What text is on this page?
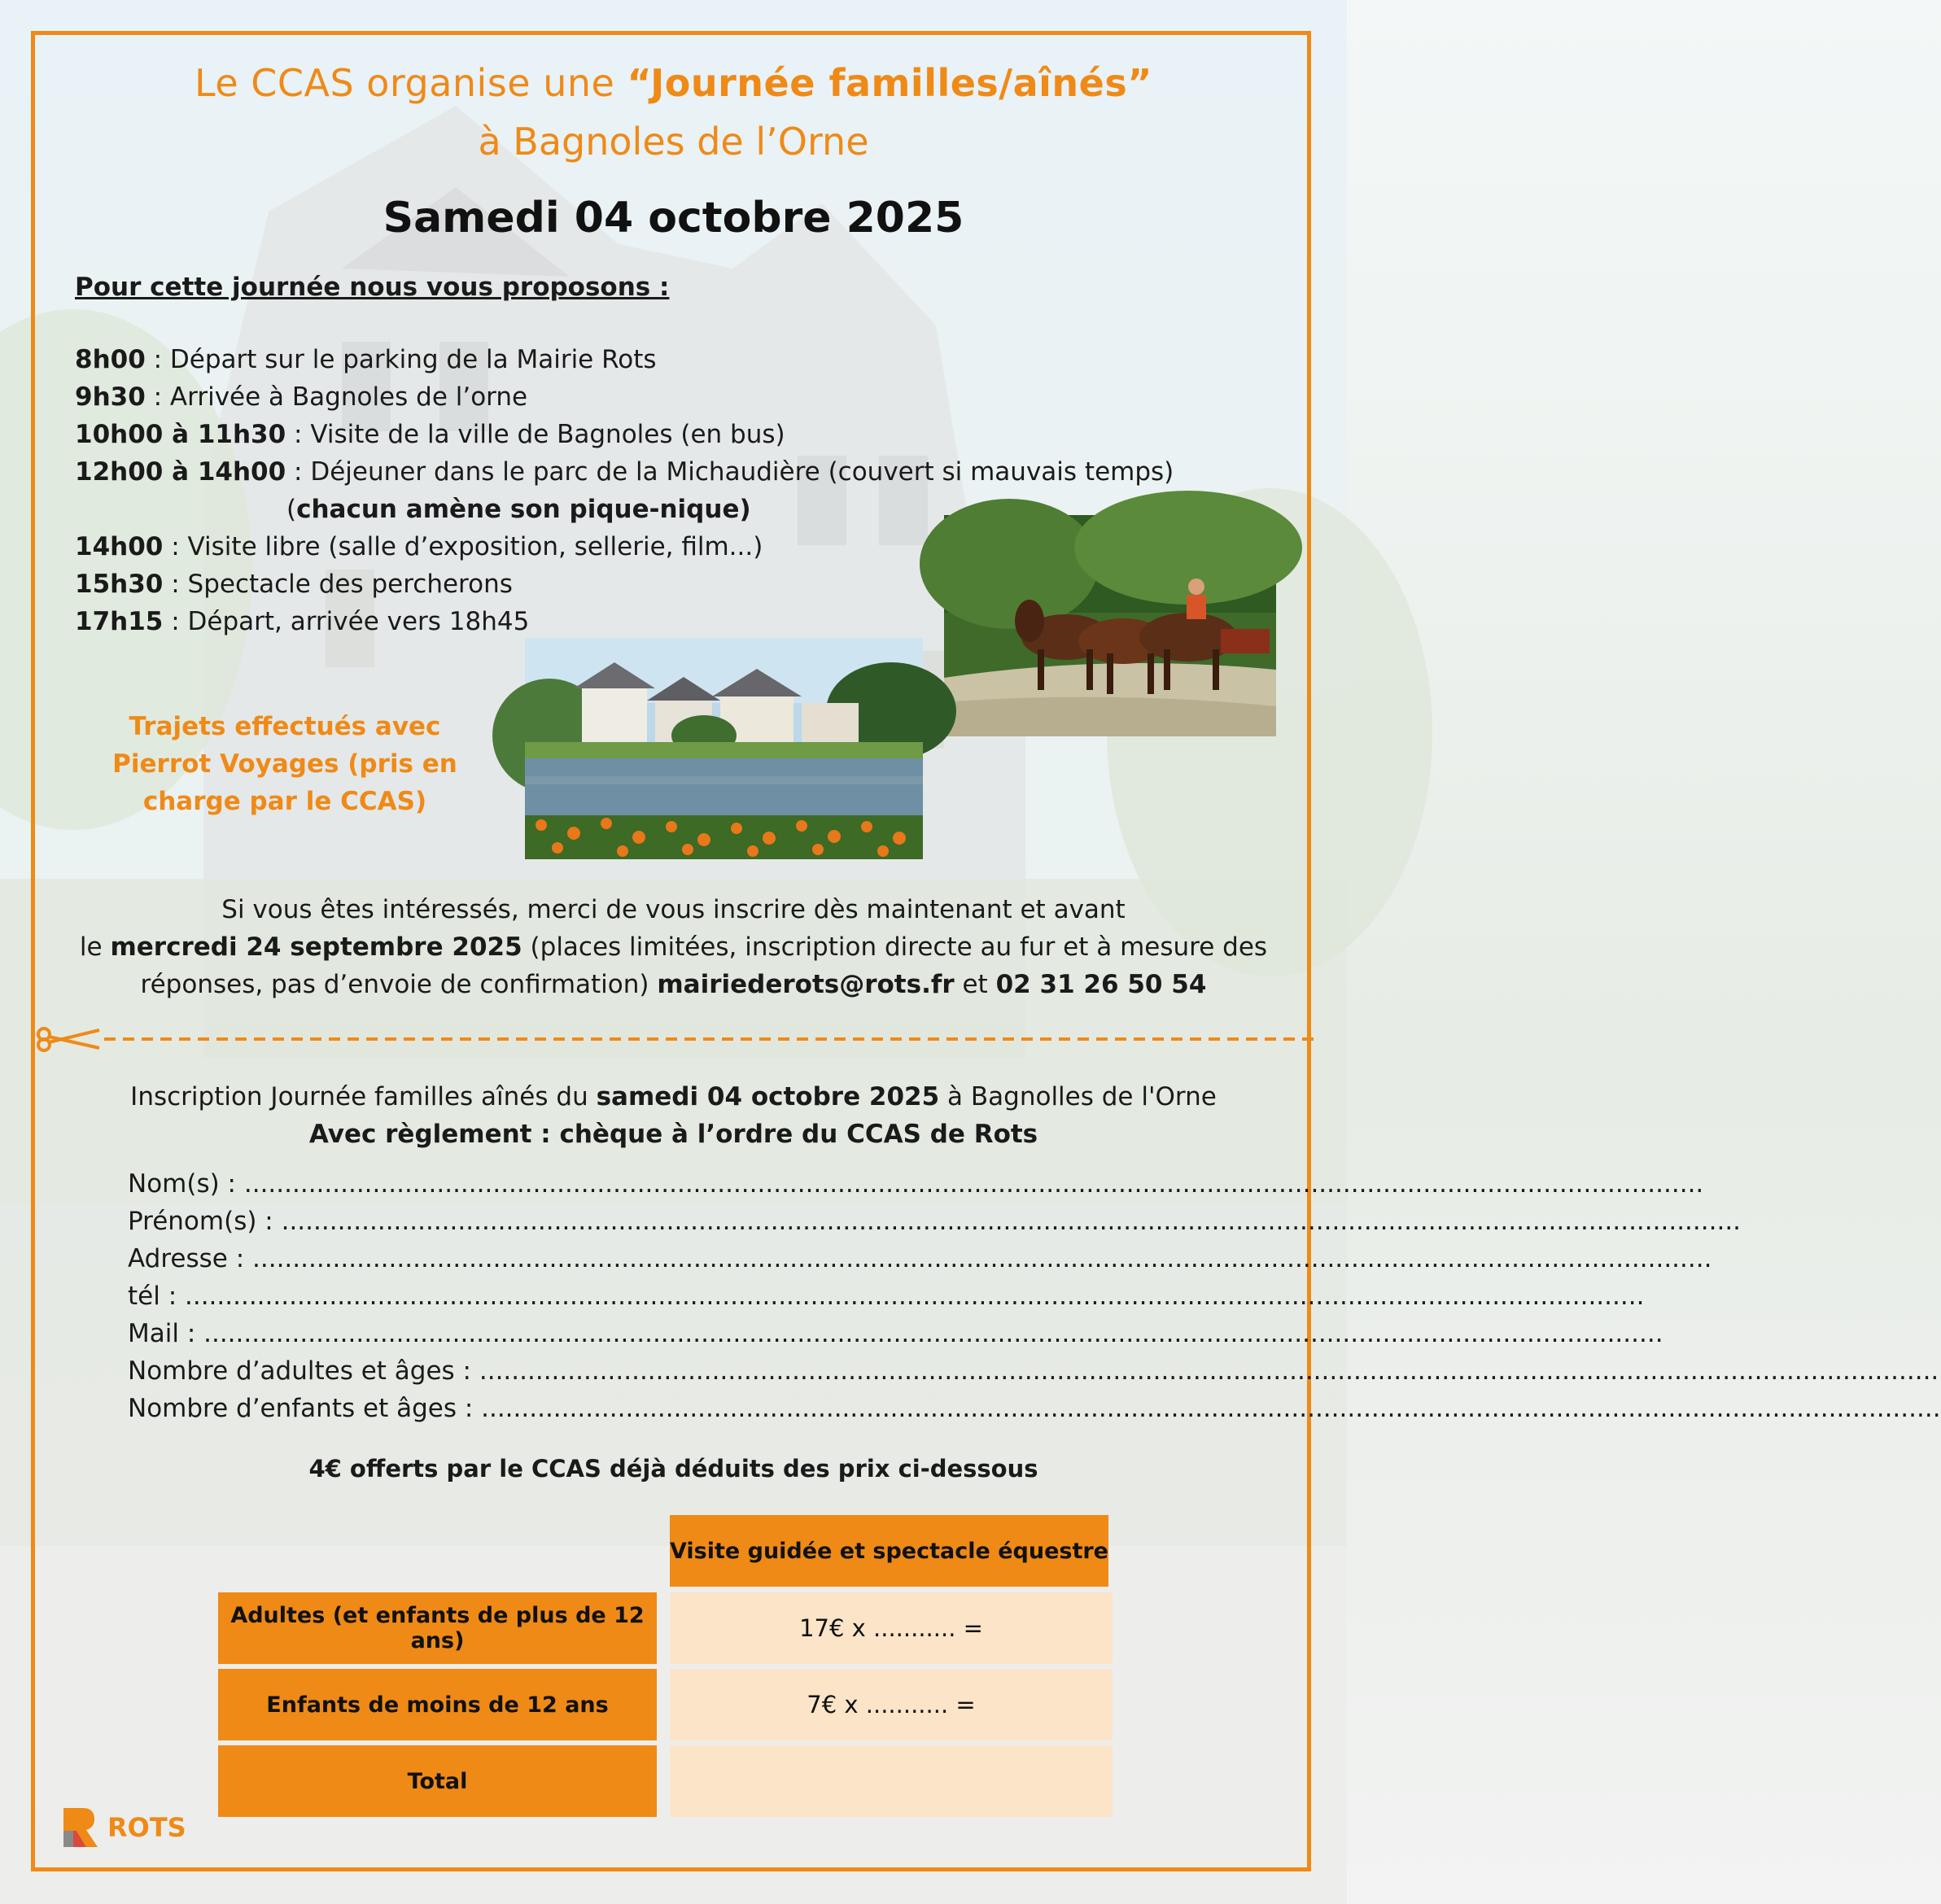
Le CCAS organise une “Journée familles/aînés”
à Bagnoles de l’Orne
Samedi 04 octobre 2025
Pour cette journée nous vous proposons :
8h00 : Départ sur le parking de la Mairie Rots
9h30 : Arrivée à Bagnoles de l’orne
10h00 à 11h30 : Visite de la ville de Bagnoles (en bus)
12h00 à 14h00 : Déjeuner dans le parc de la Michaudière (couvert si mauvais temps)
(chacun amène son pique-nique)
14h00 : Visite libre (salle d’exposition, sellerie, film...)
15h30 : Spectacle des percherons
17h15 : Départ, arrivée vers 18h45
Trajets effectués avec
Pierrot Voyages (pris en
charge par le CCAS)
Si vous êtes intéressés, merci de vous inscrire dès maintenant et avant
le mercredi 24 septembre 2025 (places limitées, inscription directe au fur et à mesure des
réponses, pas d’envoie de confirmation) mairiederots@rots.fr et 02 31 26 50 54
Inscription Journée familles aînés du samedi 04 octobre 2025 à Bagnolles de l'Orne
Avec règlement : chèque à l’ordre du CCAS de Rots
Nom(s) : ......................................................................................................................................................................................
Prénom(s) : ......................................................................................................................................................................................
Adresse : ......................................................................................................................................................................................
tél : ......................................................................................................................................................................................
Mail : ......................................................................................................................................................................................
Nombre d’adultes et âges : ......................................................................................................................................................................................
Nombre d’enfants et âges : ......................................................................................................................................................................................
4€ offerts par le CCAS déjà déduits des prix ci-dessous
Visite guidée et spectacle équestre
Adultes (et enfants de plus de 12 ans)	17€ x ........... =
Enfants de moins de 12 ans	7€ x ........... =
Total
ROTS
